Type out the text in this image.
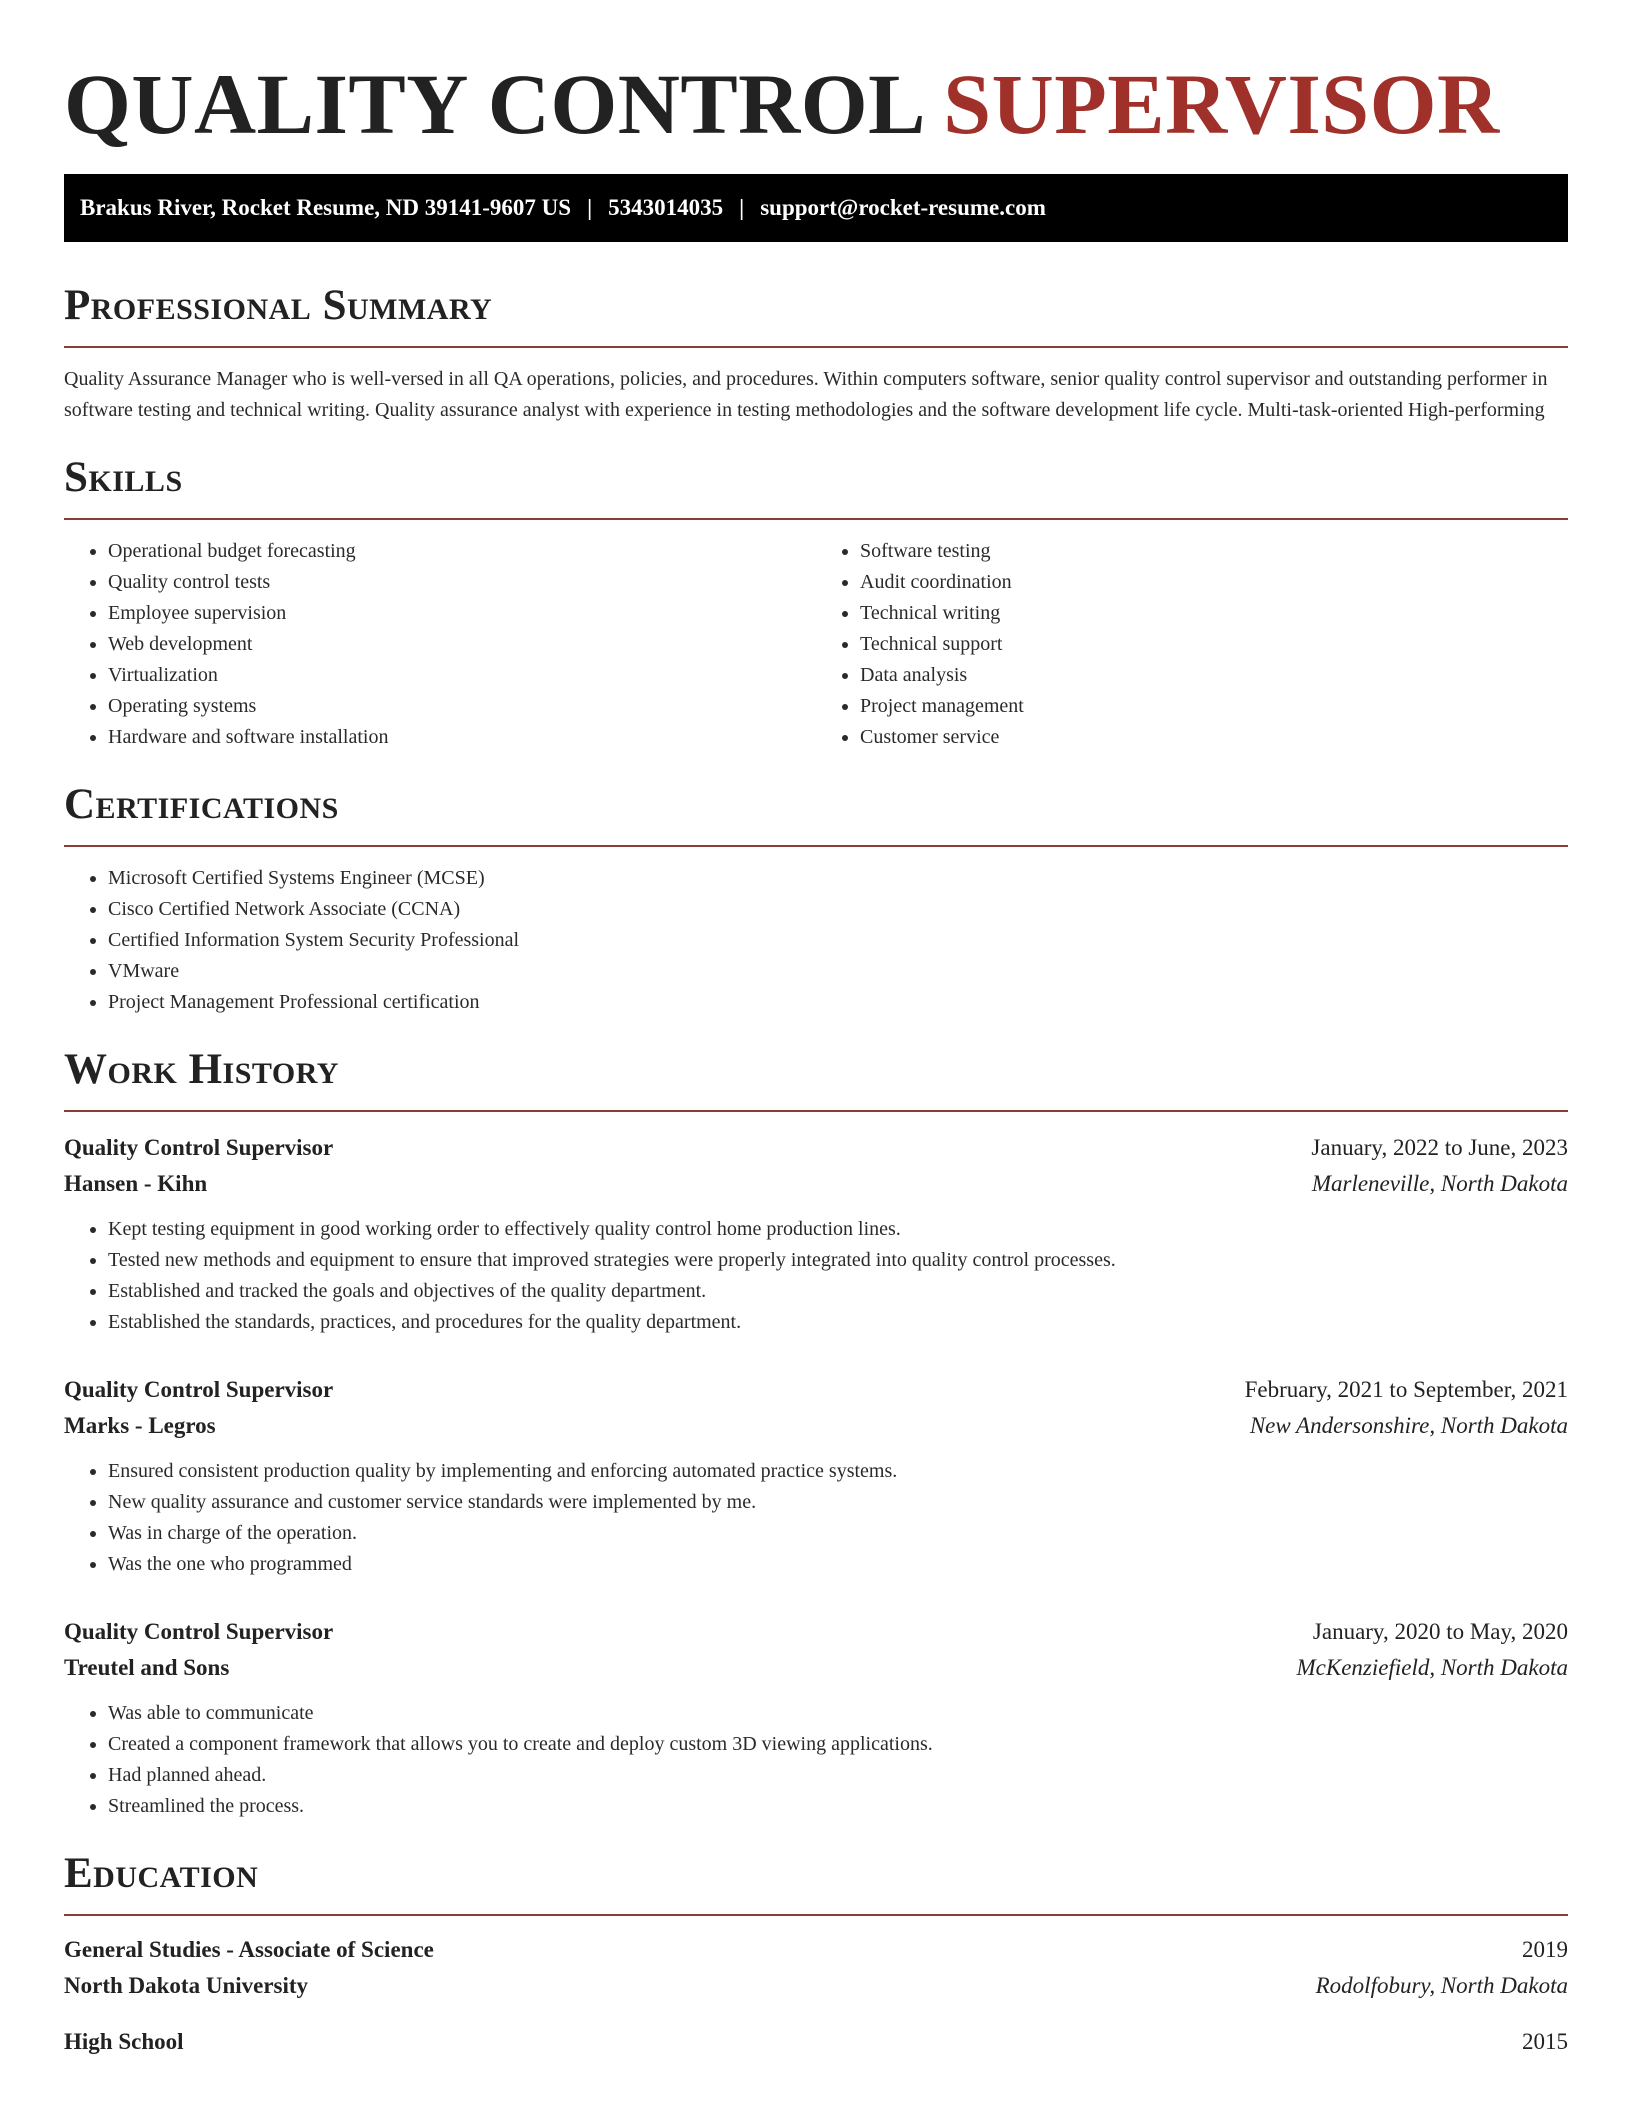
QUALITY CONTROL SUPERVISOR
Brakus River, Rocket Resume, ND 39141-9607 US | 5343014035 | support@rocket-resume.com
Professional Summary

Quality Assurance Manager who is well-versed in all QA operations, policies, and procedures. Within computers software, senior quality control supervisor and outstanding performer in software testing and technical writing. Quality assurance analyst with experience in testing methodologies and the software development life cycle. Multi-task-oriented High-performing

Skills
• Operational budget forecasting
• Quality control tests
• Employee supervision
• Web development
• Virtualization
• Operating systems
• Hardware and software installation
• Software testing
• Audit coordination
• Technical writing
• Technical support
• Data analysis
• Project management
• Customer service
Certifications
• Microsoft Certified Systems Engineer (MCSE)
• Cisco Certified Network Associate (CCNA)
• Certified Information System Security Professional
• VMware
• Project Management Professional certification
Work History
Quality Control Supervisor	January, 2022 to June, 2023
Hansen - Kihn	Marleneville, North Dakota
• Kept testing equipment in good working order to effectively quality control home production lines.
• Tested new methods and equipment to ensure that improved strategies were properly integrated into quality control processes.
• Established and tracked the goals and objectives of the quality department.
• Established the standards, practices, and procedures for the quality department.
Quality Control Supervisor	February, 2021 to September, 2021
Marks - Legros	New Andersonshire, North Dakota
• Ensured consistent production quality by implementing and enforcing automated practice systems.
• New quality assurance and customer service standards were implemented by me.
• Was in charge of the operation.
• Was the one who programmed
Quality Control Supervisor	January, 2020 to May, 2020
Treutel and Sons	McKenziefield, North Dakota
• Was able to communicate
• Created a component framework that allows you to create and deploy custom 3D viewing applications.
• Had planned ahead.
• Streamlined the process.
Education
General Studies - Associate of Science	2019
North Dakota University	Rodolfobury, North Dakota
High School	2015
